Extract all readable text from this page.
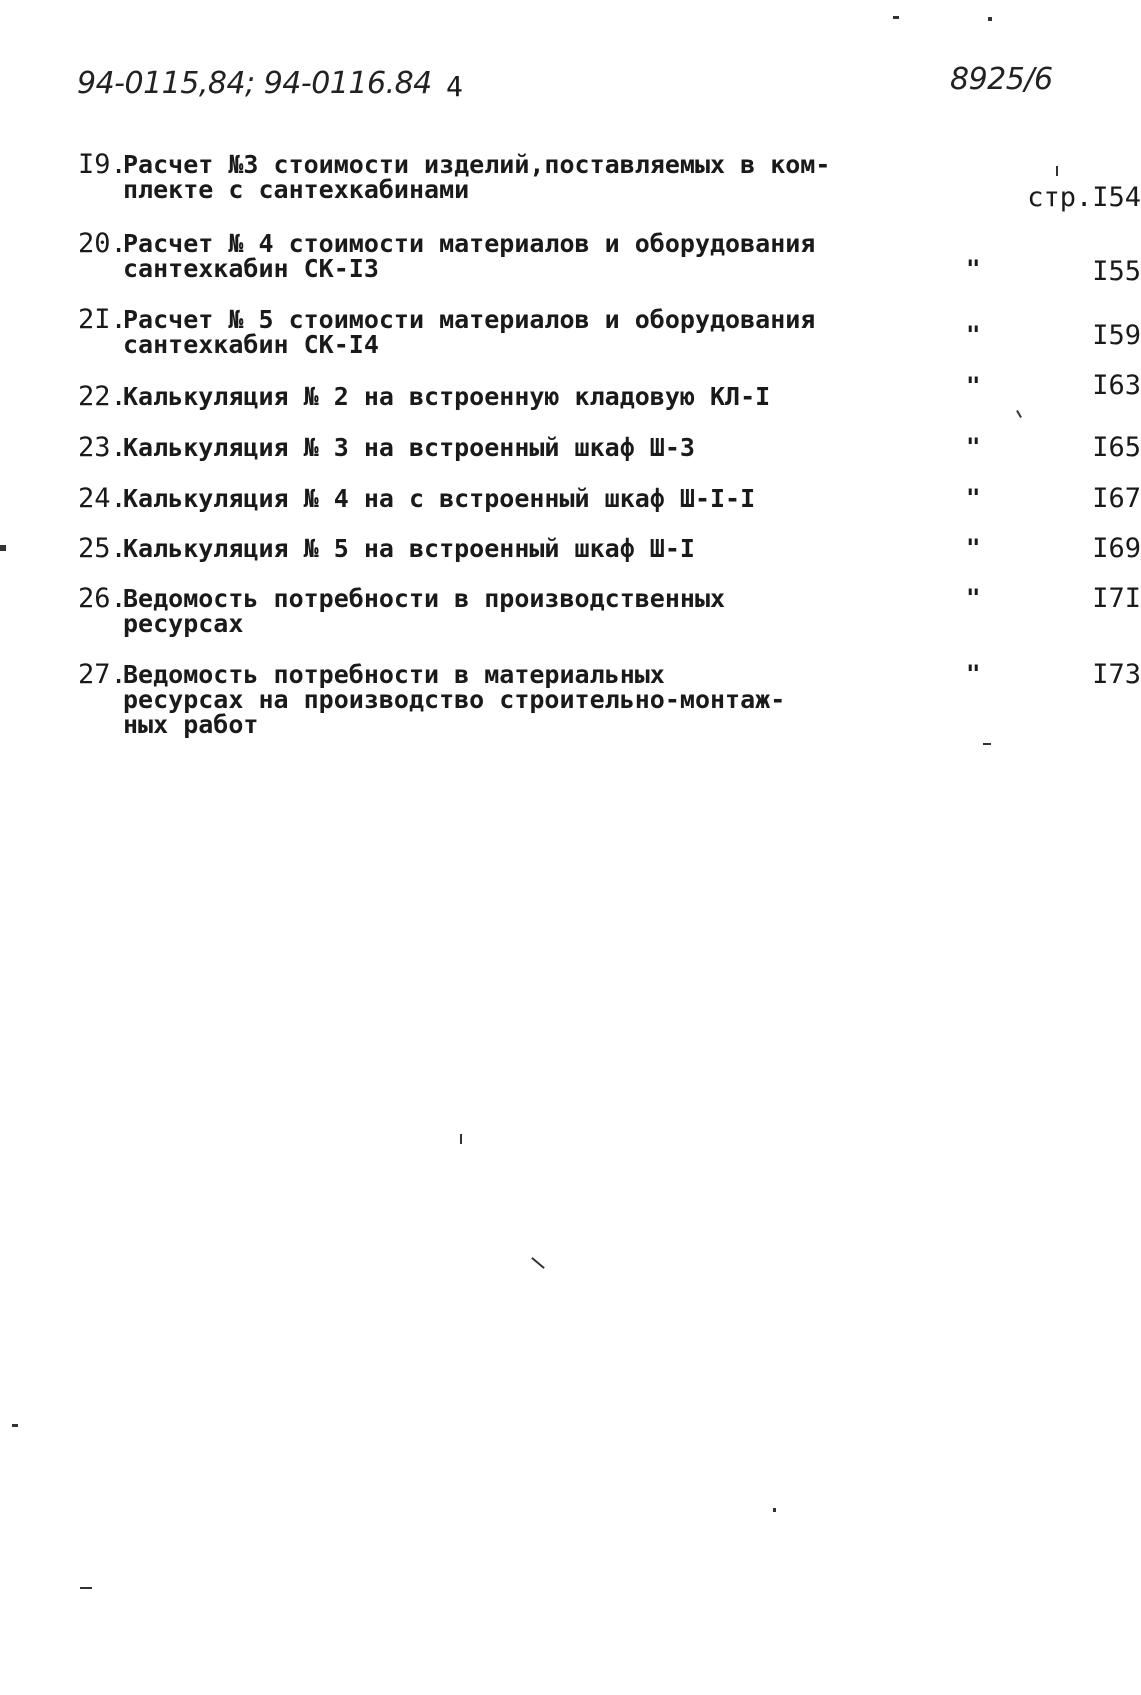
94-0115,84; 94-0116.84 4	8925/6
I9.
Расчет №3 стоимости изделий,поставляемых в ком-
плекте с сантехкабинами	стр.I54
20.
Расчет № 4 стоимости материалов и оборудования
сантехкабин СК-I3	"	I55
2I.
Расчет № 5 стоимости материалов и оборудования
сантехкабин СК-I4	"	I59
22.
Калькуляция № 2 на встроенную кладовую КЛ-I	"	I63
23.
Калькуляция № 3 на встроенный шкаф Ш-3	"	I65
24.
Калькуляция № 4 на с встроенный шкаф Ш-I-I	"	I67
25.
Калькуляция № 5 на встроенный шкаф Ш-I	"	I69
26.
Ведомость потребности в производственных
ресурсах
"	I7I
27.
Ведомость потребности в материальных
ресурсах на производство строительно-монтаж-
ных работ
"	I73
